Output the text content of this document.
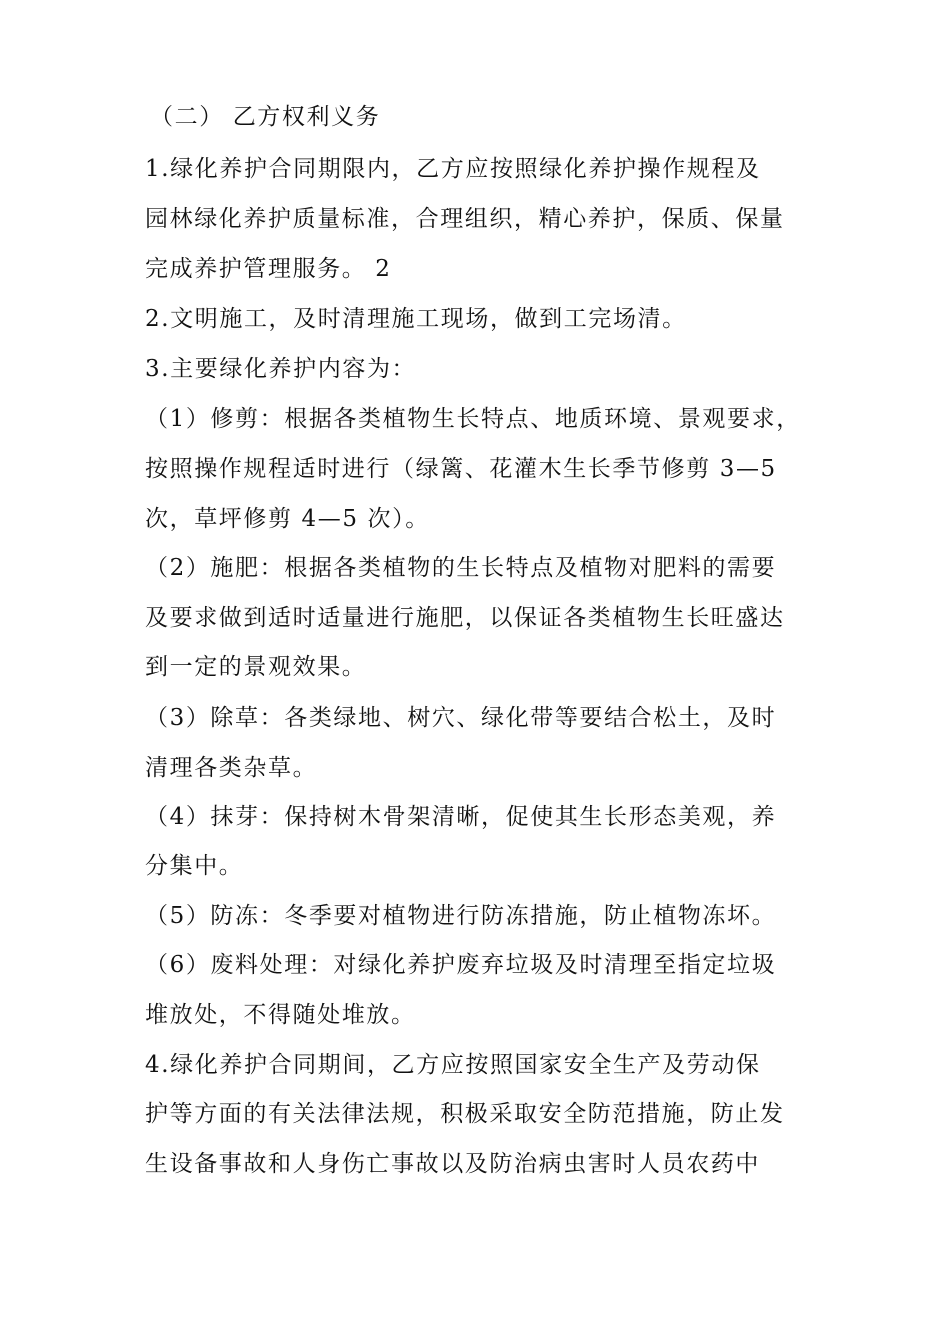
（二） 乙方权利义务
1.绿化养护合同期限内，乙方应按照绿化养护操作规程及
园林绿化养护质量标准，合理组织，精心养护，保质、保量
完成养护管理服务。 2
2.文明施工，及时清理施工现场，做到工完场清。
3.主要绿化养护内容为：
（1）修剪：根据各类植物生长特点、地质环境、景观要求，
按照操作规程适时进行（绿篱、花灌木生长季节修剪 3—5
次，草坪修剪 4—5 次）。
（2）施肥：根据各类植物的生长特点及植物对肥料的需要
及要求做到适时适量进行施肥，以保证各类植物生长旺盛达
到一定的景观效果。
（3）除草：各类绿地、树穴、绿化带等要结合松土，及时
清理各类杂草。
（4）抹芽：保持树木骨架清晰，促使其生长形态美观，养
分集中。
（5）防冻：冬季要对植物进行防冻措施，防止植物冻坏。
（6）废料处理：对绿化养护废弃垃圾及时清理至指定垃圾
堆放处，不得随处堆放。
4.绿化养护合同期间，乙方应按照国家安全生产及劳动保
护等方面的有关法律法规，积极采取安全防范措施，防止发
生设备事故和人身伤亡事故以及防治病虫害时人员农药中
